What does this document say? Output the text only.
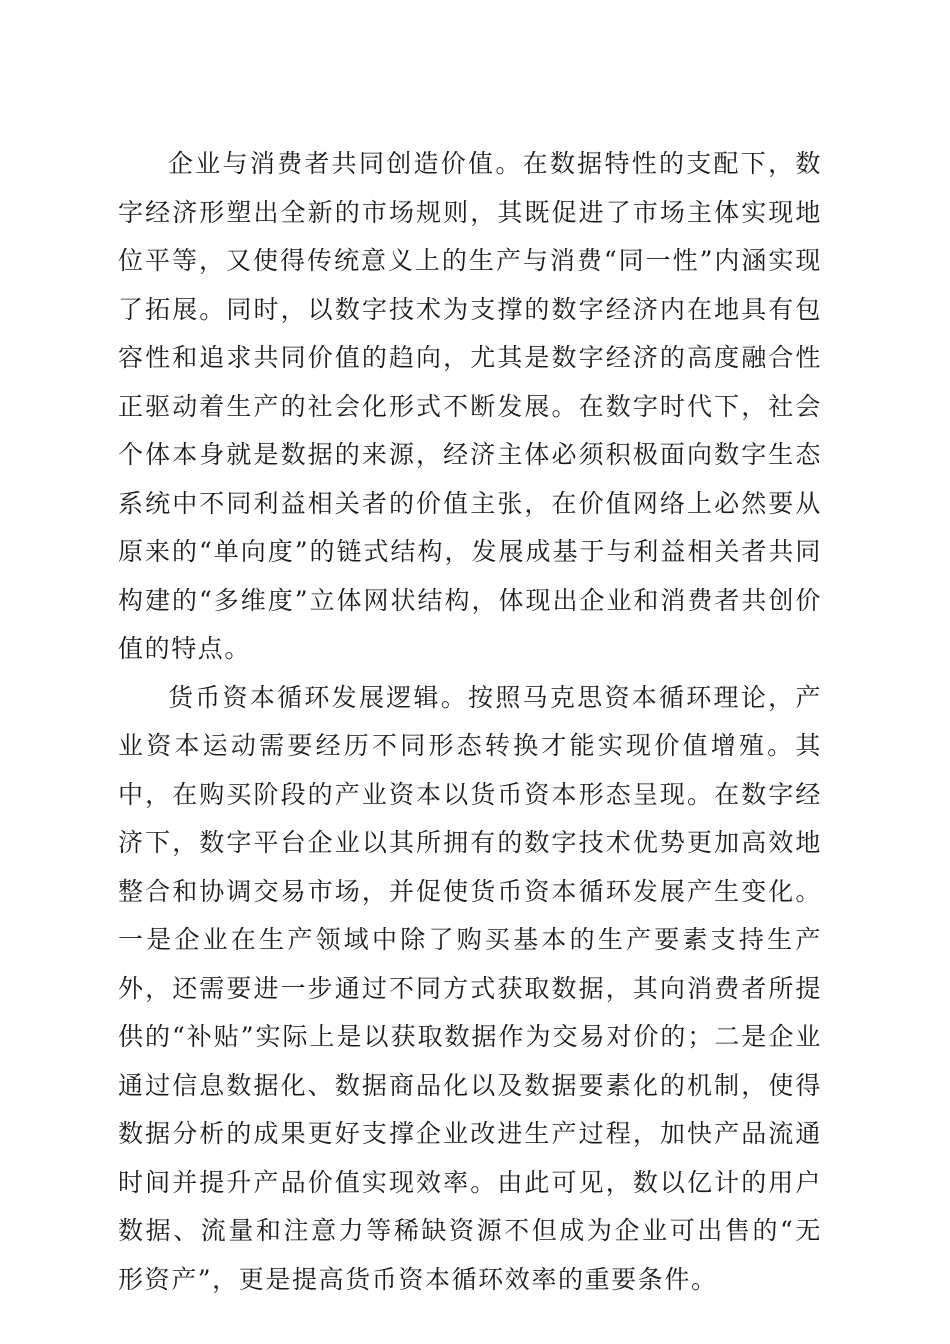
企业与消费者共同创造价值。在数据特性的支配下，数字经济形塑出全新的市场规则，其既促进了市场主体实现地位平等，又使得传统意义上的生产与消费“同一性”内涵实现了拓展。同时，以数字技术为支撑的数字经济内在地具有包容性和追求共同价值的趋向，尤其是数字经济的高度融合性正驱动着生产的社会化形式不断发展。在数字时代下，社会个体本身就是数据的来源，经济主体必须积极面向数字生态系统中不同利益相关者的价值主张，在价值网络上必然要从原来的“单向度”的链式结构，发展成基于与利益相关者共同构建的“多维度”立体网状结构，体现出企业和消费者共创价值的特点。

货币资本循环发展逻辑。按照马克思资本循环理论，产业资本运动需要经历不同形态转换才能实现价值增殖。其中，在购买阶段的产业资本以货币资本形态呈现。在数字经济下，数字平台企业以其所拥有的数字技术优势更加高效地整合和协调交易市场，并促使货币资本循环发展产生变化。一是企业在生产领域中除了购买基本的生产要素支持生产外，还需要进一步通过不同方式获取数据，其向消费者所提供的“补贴”实际上是以获取数据作为交易对价的；二是企业通过信息数据化、数据商品化以及数据要素化的机制，使得数据分析的成果更好支撑企业改进生产过程，加快产品流通时间并提升产品价值实现效率。由此可见，数以亿计的用户数据、流量和注意力等稀缺资源不但成为企业可出售的“无形资产”，更是提高货币资本循环效率的重要条件。
